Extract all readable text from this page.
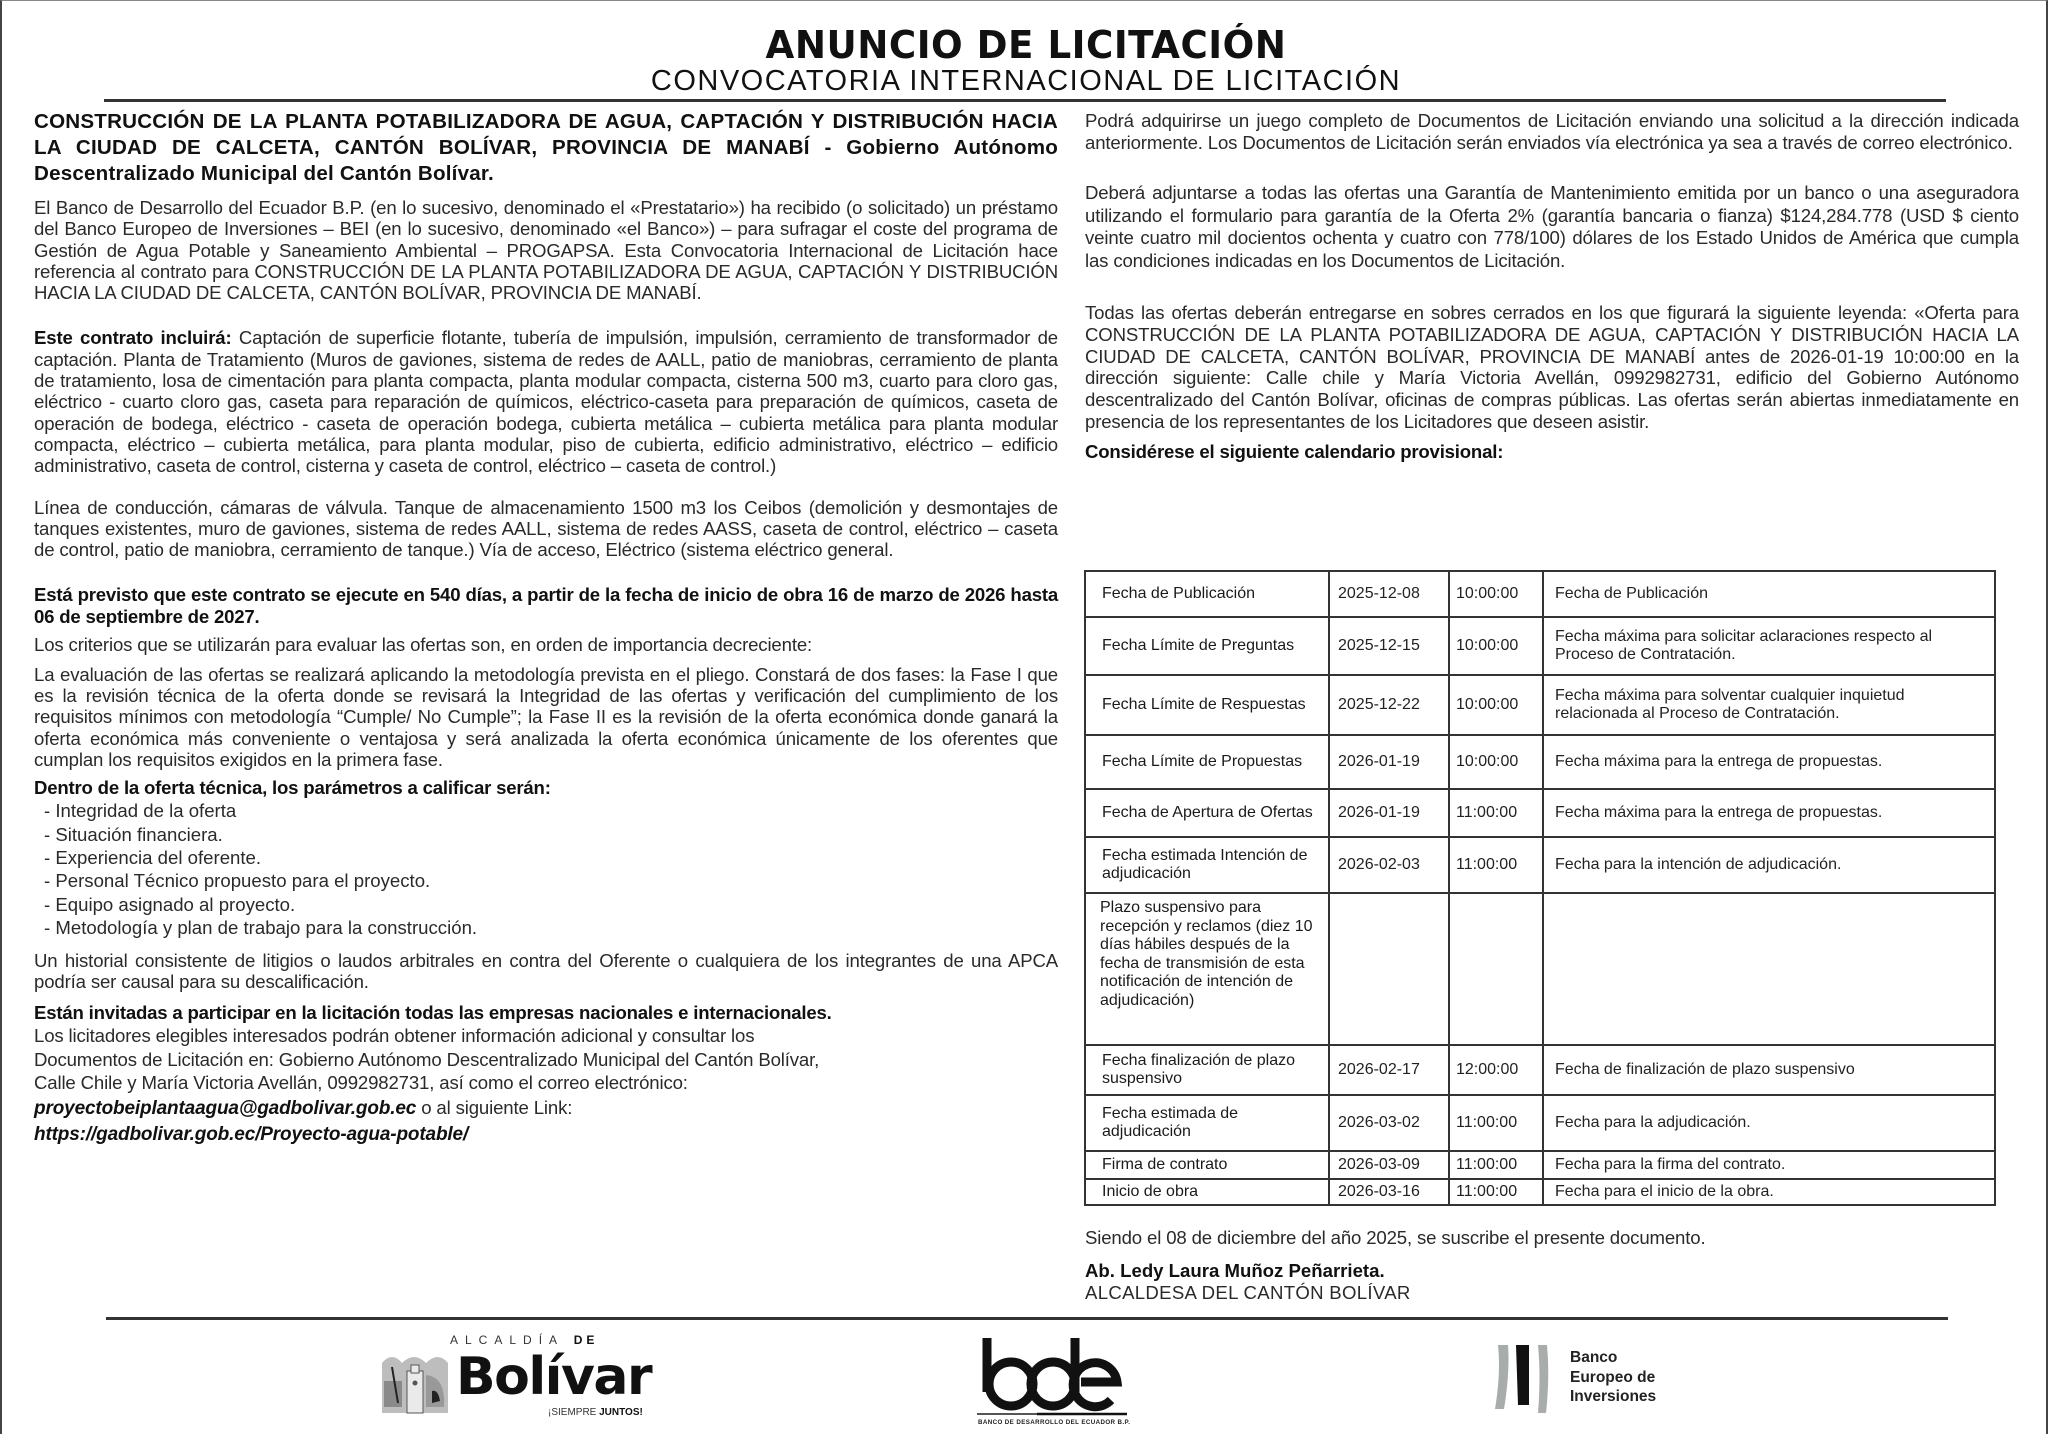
ANUNCIO DE LICITACIÓN
CONVOCATORIA INTERNACIONAL DE LICITACIÓN
CONSTRUCCIÓN DE LA PLANTA POTABILIZADORA DE AGUA, CAPTACIÓN Y DISTRIBUCIÓN HACIA LA CIUDAD DE CALCETA, CANTÓN BOLÍVAR, PROVINCIA DE MANABÍ - Gobierno Autónomo Descentralizado Municipal del Cantón Bolívar.
El Banco de Desarrollo del Ecuador B.P. (en lo sucesivo, denominado el «Prestatario») ha recibido (o solicitado) un préstamo del Banco Europeo de Inversiones – BEI (en lo sucesivo, denominado «el Banco») – para sufragar el coste del programa de Gestión de Agua Potable y Saneamiento Ambiental – PROGAPSA. Esta Convocatoria Internacional de Licitación hace referencia al contrato para CONSTRUCCIÓN DE LA PLANTA POTABILIZADORA DE AGUA, CAPTACIÓN Y DISTRIBUCIÓN HACIA LA CIUDAD DE CALCETA, CANTÓN BOLÍVAR, PROVINCIA DE MANABÍ.
Este contrato incluirá: Captación de superficie flotante, tubería de impulsión, impulsión, cerramiento de transformador de captación. Planta de Tratamiento (Muros de gaviones, sistema de redes de AALL, patio de maniobras, cerramiento de planta de tratamiento, losa de cimentación para planta compacta, planta modular compacta, cisterna 500 m3, cuarto para cloro gas, eléctrico - cuarto cloro gas, caseta para reparación de químicos, eléctrico-caseta para preparación de químicos, caseta de operación de bodega, eléctrico - caseta de operación bodega, cubierta metálica – cubierta metálica para planta modular compacta, eléctrico – cubierta metálica, para planta modular, piso de cubierta, edificio administrativo, eléctrico – edificio administrativo, caseta de control, cisterna y caseta de control, eléctrico – caseta de control.)
Línea de conducción, cámaras de válvula. Tanque de almacenamiento 1500 m3 los Ceibos (demolición y desmontajes de tanques existentes, muro de gaviones, sistema de redes AALL, sistema de redes AASS, caseta de control, eléctrico – caseta de control, patio de maniobra, cerramiento de tanque.) Vía de acceso, Eléctrico (sistema eléctrico general.
Está previsto que este contrato se ejecute en 540 días, a partir de la fecha de inicio de obra 16 de marzo de 2026 hasta 06 de septiembre de 2027.
Los criterios que se utilizarán para evaluar las ofertas son, en orden de importancia decreciente:
La evaluación de las ofertas se realizará aplicando la metodología prevista en el pliego. Constará de dos fases: la Fase I que es la revisión técnica de la oferta donde se revisará la Integridad de las ofertas y verificación del cumplimiento de los requisitos mínimos con metodología “Cumple/ No Cumple”; la Fase II es la revisión de la oferta económica donde ganará la oferta económica más conveniente o ventajosa y será analizada la oferta económica únicamente de los oferentes que cumplan los requisitos exigidos en la primera fase.
Dentro de la oferta técnica, los parámetros a calificar serán:
- Integridad de la oferta
- Situación financiera.
- Experiencia del oferente.
- Personal Técnico propuesto para el proyecto.
- Equipo asignado al proyecto.
- Metodología y plan de trabajo para la construcción.
Un historial consistente de litigios o laudos arbitrales en contra del Oferente o cualquiera de los integrantes de una APCA podría ser causal para su descalificación.
Están invitadas a participar en la licitación todas las empresas nacionales e internacionales.
Los licitadores elegibles interesados podrán obtener información adicional y consultar los
Documentos de Licitación en: Gobierno Autónomo Descentralizado Municipal del Cantón Bolívar,
Calle Chile y María Victoria Avellán, 0992982731, así como el correo electrónico:
proyectobeiplantaagua@gadbolivar.gob.ec o al siguiente Link:
https://gadbolivar.gob.ec/Proyecto-agua-potable/
Podrá adquirirse un juego completo de Documentos de Licitación enviando una solicitud a la dirección indicada anteriormente. Los Documentos de Licitación serán enviados vía electrónica ya sea a través de correo electrónico.
Deberá adjuntarse a todas las ofertas una Garantía de Mantenimiento emitida por un banco o una aseguradora utilizando el formulario para garantía de la Oferta 2% (garantía bancaria o fianza) $124,284.778 (USD $ ciento veinte cuatro mil docientos ochenta y cuatro con 778/100) dólares de los Estado Unidos de América que cumpla las condiciones indicadas en los Documentos de Licitación.
Todas las ofertas deberán entregarse en sobres cerrados en los que figurará la siguiente leyenda: «Oferta para CONSTRUCCIÓN DE LA PLANTA POTABILIZADORA DE AGUA, CAPTACIÓN Y DISTRIBUCIÓN HACIA LA CIUDAD DE CALCETA, CANTÓN BOLÍVAR, PROVINCIA DE MANABÍ antes de 2026-01-19 10:00:00 en la dirección siguiente: Calle chile y María Victoria Avellán, 0992982731, edificio del Gobierno Autónomo descentralizado del Cantón Bolívar, oficinas de compras públicas. Las ofertas serán abiertas inmediatamente en presencia de los representantes de los Licitadores que deseen asistir.
Considérese el siguiente calendario provisional:
Fecha de Publicación	2025-12-08	10:00:00	Fecha de Publicación
Fecha Límite de Preguntas	2025-12-15	10:00:00	Fecha máxima para solicitar aclaraciones respecto al Proceso de Contratación.
Fecha Límite de Respuestas	2025-12-22	10:00:00	Fecha máxima para solventar cualquier inquietud relacionada al Proceso de Contratación.
Fecha Límite de Propuestas	2026-01-19	10:00:00	Fecha máxima para la entrega de propuestas.
Fecha de Apertura de Ofertas	2026-01-19	11:00:00	Fecha máxima para la entrega de propuestas.
Fecha estimada Intención de adjudicación	2026-02-03	11:00:00	Fecha para la intención de adjudicación.
Plazo suspensivo para recepción y reclamos (diez 10 días hábiles después de la fecha de transmisión de esta notificación de intención de adjudicación)			
Fecha finalización de plazo suspensivo	2026-02-17	12:00:00	Fecha de finalización de plazo suspensivo
Fecha estimada de adjudicación	2026-03-02	11:00:00	Fecha para la adjudicación.
Firma de contrato	2026-03-09	11:00:00	Fecha para la firma del contrato.
Inicio de obra	2026-03-16	11:00:00	Fecha para el inicio de la obra.
Siendo el 08 de diciembre del año 2025, se suscribe el presente documento.
Ab. Ledy Laura Muñoz Peñarrieta.
ALCALDESA DEL CANTÓN BOLÍVAR
ALCALDÍA DE
Bolívar
¡SIEMPRE JUNTOS!
BANCO DE DESARROLLO DEL ECUADOR B.P.
Banco
Europeo de
Inversiones
